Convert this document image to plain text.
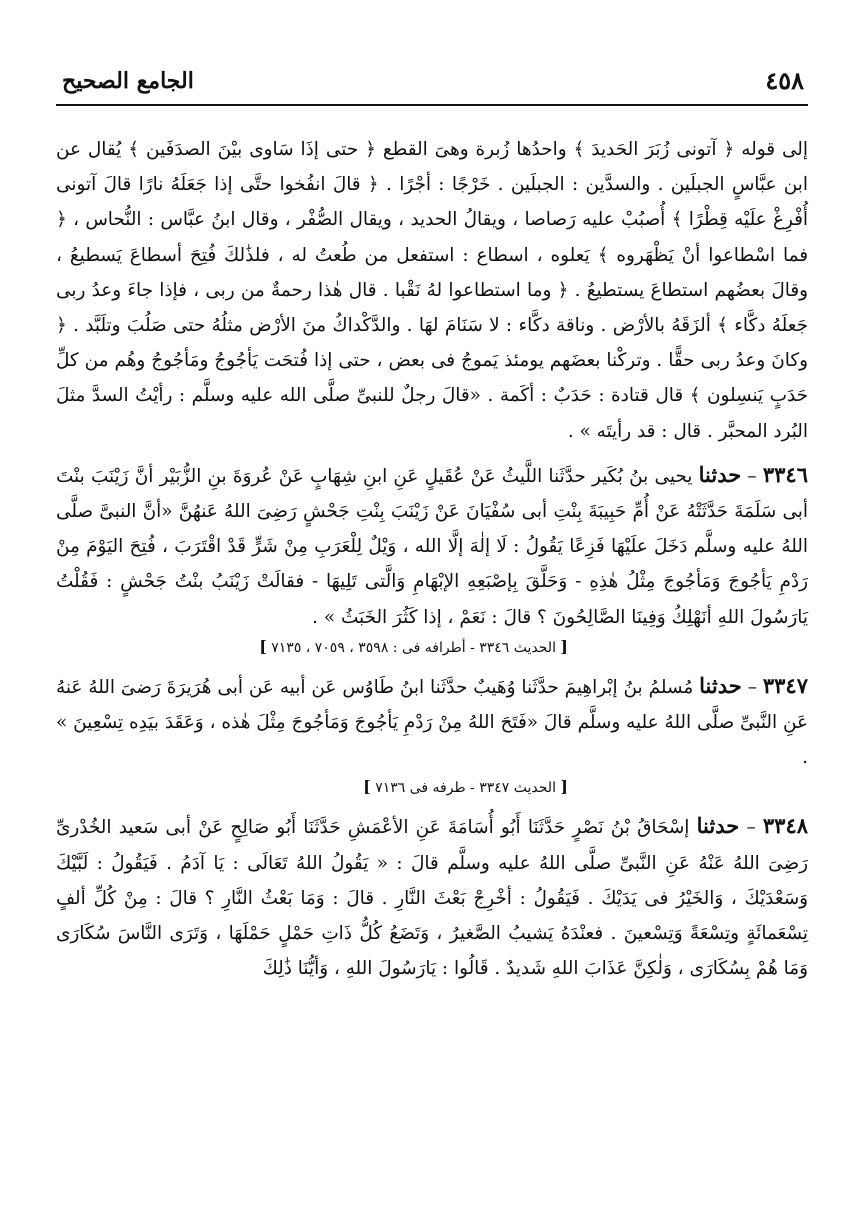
٤٥٨
الجامع الصحيح

إلى قوله ﴿ آتونى زُبَرَ الحَديدَ ﴾ واحدُها زُبرة وهىَ القطع ﴿ حتى إذَا سَاوى بيْنَ الصدَفَين ﴾ يُقال عن ابن عبَّاسٍ الجبلَين . والسدَّين : الجبلَين . خَرْجًا : أجْرًا . ﴿ قالَ انفُخوا حتَّى إذا جَعَلَهُ نارًا قالَ آتونى أُفْرِغْ علَيْه قِطْرًا ﴾ أُصبُبْ عليه رَصاصا ، ويقالُ الحديد ، ويقال الصُّفْر ، وقال ابنُ عبَّاس : النُّحاس ، ﴿ فما اسْطاعوا أنْ يَظْهَروه ﴾ يَعلوه ، اسطاع : استفعل من طُعتُ له ، فلذَٰلكَ فُتِحَ أسطاعَ يَسطيعُ ، وقالَ بعضُهم استطاعَ يستطيعُ . ﴿ وما استطاعوا لهُ نَقْبا . قال هٰذا رحمةٌ من ربى ، فإذا جاءَ وعدُ ربى جَعلَهُ دكَّاء ﴾ ألزَقَهُ بالأرْض . وناقة دكَّاء : لا سَنَامَ لهَا . والدَّكْداكُ منَ الأرْض مثلُهُ حتى صَلُبَ وتلَبَّد . ﴿ وكانَ وعدُ ربى حقًّا . وتركْنا بعضَهم يومئذ يَموجُ فى بعض ، حتى إذا فُتحَت يَأجُوجُ ومَأجُوجُ وهُم من كلِّ حَدَبٍ يَنسِلون ﴾ قال قتادة : حَدَبٌ : أكَمة . «قالَ رجلٌ للنبىِّ صلَّى الله عليه وسلَّم : رأيْتُ السدَّ مثلَ البُرد المحبَّر . قال : قد رأيتَه » .

٣٣٤٦ – حدثنا يحيى بنُ بُكَير حدَّثَنا اللَّيثُ عَنْ عُقَيلٍ عَنِ ابنِ شِهَابٍ عَنْ عُروَةَ بنِ الزُّبَيْر أنَّ زَيْنَبَ بنْتَ أبى سَلَمَةَ حَدَّثَتْهُ عَنْ أُمِّ حَبِيبَةَ بِنْتِ أبى سُفْيَانَ عَنْ زَيْنَبَ بِنْتِ جَحْشٍ رَضِىَ اللهُ عَنهُنَّ «أنَّ النبىَّ صلَّى اللهُ عليه وسلَّم دَخَلَ علَيْهَا فَزِعًا يَقُولُ : لَا إلٰهَ إلَّا الله ، وَيْلٌ لِلْعَرَبِ مِنْ شَرٍّ قَدْ اقْتَرَبَ ، فُتِحَ اليَوْمَ مِنْ رَدْمِ يَأجُوجَ وَمَأجُوجَ مِثْلُ هٰذِهِ - وَحَلَّقَ بِإصْبَعِهِ الإبْهَامِ وَالَّتى تَلِيهَا - فقالَتْ زَيْنَبُ بنْتُ جَحْشٍ : فَقُلْتُ يَارَسُولَ اللهِ أنَهْلِكُ وَفِينَا الصَّالِحُونَ ؟ قالَ : نَعَمْ ، إذا كَثُرَ الخَبَثُ » .

[ الحديث ٣٣٤٦ - أطرافه فى : ٣٥٩٨ ، ٧٠٥٩ ، ٧١٣٥ ]

٣٣٤٧ – حدثنا مُسلمُ بنُ إبْراهِيمَ حدَّثَنا وُهَيبٌ حدَّثَنا ابنُ طَاوُس عَن أبيه عَن أبى هُرَيرَةَ رَضىَ اللهُ عَنهُ عَنِ النَّبىِّ صلَّى اللهُ عليه وسلَّم قالَ «فَتَحَ اللهُ مِنْ رَدْمِ يَأجُوجَ وَمَأجُوجَ مِثْلَ هٰذه ، وَعَقَدَ بيَدِه تِسْعِينَ » .

[ الحديث ٣٣٤٧ - طرفه فى ٧١٣٦ ]

٣٣٤٨ – حدثنا إسْحَاقُ بْنُ نَصْرٍ حَدَّثَنَا أَبُو أُسَامَةَ عَنِ الأعْمَشِ حَدَّثَنَا أَبُو صَالِحٍ عَنْ أبى سَعيد الخُدْرىِّ رَضِىَ اللهُ عَنْهُ عَنِ النَّبىِّ صلَّى اللهُ عليه وسلَّم قالَ : « يَقُولُ اللهُ تَعَالَى : يَا آدَمُ . فَيَقُولُ : لَبَّيْكَ وَسَعْدَيْكَ ، وَالخَيْرُ فى يَدَيْكَ . فَيَقُولُ : أخْرِجْ بَعْثَ النَّارِ . قالَ : وَمَا بَعْثُ النَّارِ ؟ قالَ : مِنْ كُلِّ ألفٍ تِسْعَمائَةٍ وتِسْعَةً وَتِسْعينَ . فعنْدَهُ يَشيبُ الصَّغيرُ ، وَتَضَعُ كُلُّ ذَاتِ حَمْلٍ حَمْلَهَا ، وَتَرَى النَّاسَ سُكَارَى وَمَا هُمْ بِسُكَارَى ، وَلٰكِنَّ عَذَابَ اللهِ شَديدٌ . قَالُوا : يَارَسُولَ اللهِ ، وَأيُّنَا ذَٰلِكَ
